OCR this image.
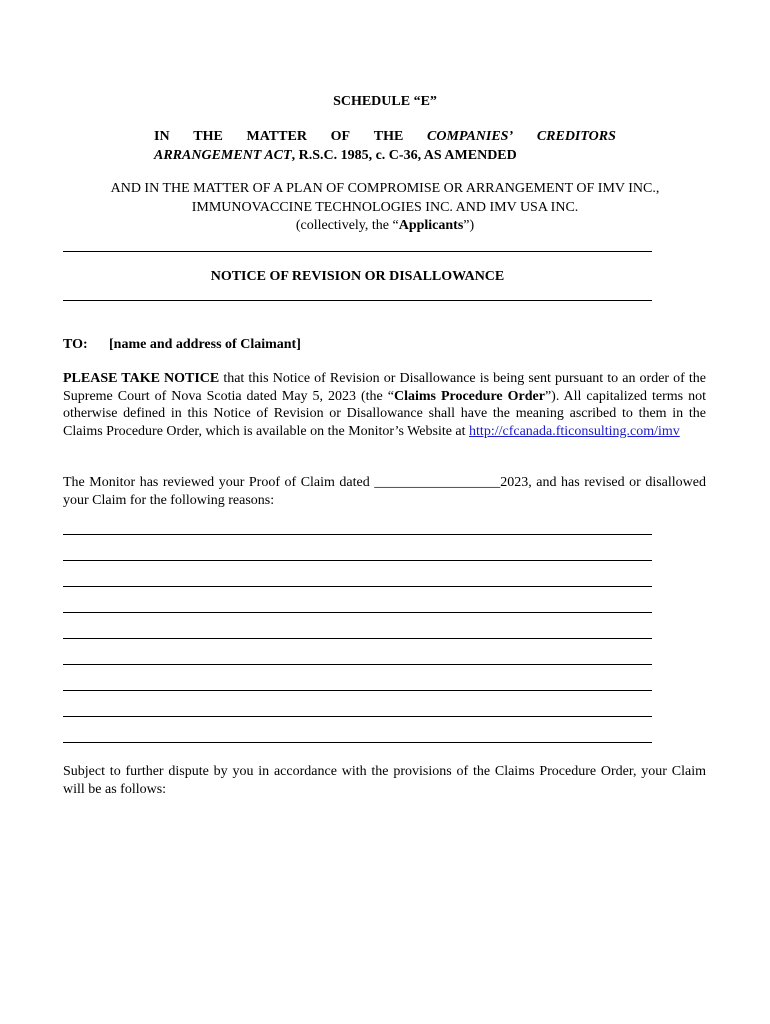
SCHEDULE “E”
IN THE MATTER OF THE COMPANIES’ CREDITORS
ARRANGEMENT ACT, R.S.C. 1985, c. C-36, AS AMENDED
AND IN THE MATTER OF A PLAN OF COMPROMISE OR ARRANGEMENT OF IMV INC.,
IMMUNOVACCINE TECHNOLOGIES INC. AND IMV USA INC.
(collectively, the “Applicants”)
NOTICE OF REVISION OR DISALLOWANCE
TO: [name and address of Claimant]

PLEASE TAKE NOTICE that this Notice of Revision or Disallowance is being sent pursuant to an order of the Supreme Court of Nova Scotia dated May 5, 2023 (the “Claims Procedure Order”). All capitalized terms not otherwise defined in this Notice of Revision or Disallowance shall have the meaning ascribed to them in the Claims Procedure Order, which is available on the Monitor’s Website at http://cfcanada.fticonsulting.com/imv

The Monitor has reviewed your Proof of Claim dated __________________2023, and has revised or disallowed your Claim for the following reasons:

Subject to further dispute by you in accordance with the provisions of the Claims Procedure Order, your Claim will be as follows:
